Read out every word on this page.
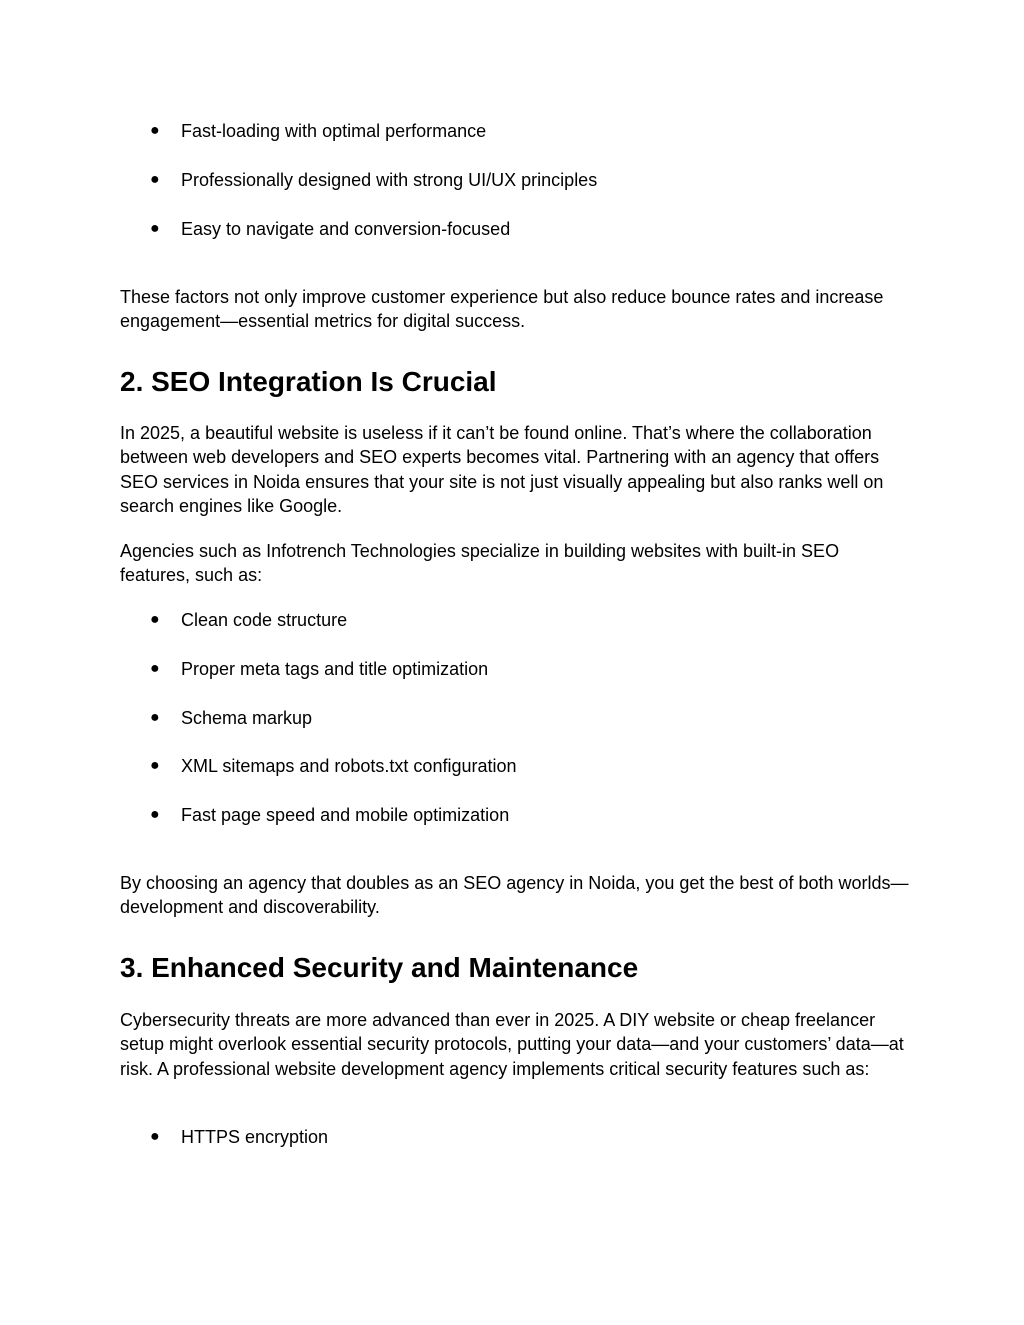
● Fast-loading with optimal performance
● Professionally designed with strong UI/UX principles
● Easy to navigate and conversion-focused

These factors not only improve customer experience but also reduce bounce rates and increase engagement—essential metrics for digital success.

2. SEO Integration Is Crucial

In 2025, a beautiful website is useless if it can’t be found online. That’s where the collaboration between web developers and SEO experts becomes vital. Partnering with an agency that offers SEO services in Noida ensures that your site is not just visually appealing but also ranks well on search engines like Google.

Agencies such as Infotrench Technologies specialize in building websites with built-in SEO features, such as:

● Clean code structure
● Proper meta tags and title optimization
● Schema markup
● XML sitemaps and robots.txt configuration
● Fast page speed and mobile optimization

By choosing an agency that doubles as an SEO agency in Noida, you get the best of both worlds—development and discoverability.

3. Enhanced Security and Maintenance

Cybersecurity threats are more advanced than ever in 2025. A DIY website or cheap freelancer setup might overlook essential security protocols, putting your data—and your customers’ data—at risk. A professional website development agency implements critical security features such as:

● HTTPS encryption
